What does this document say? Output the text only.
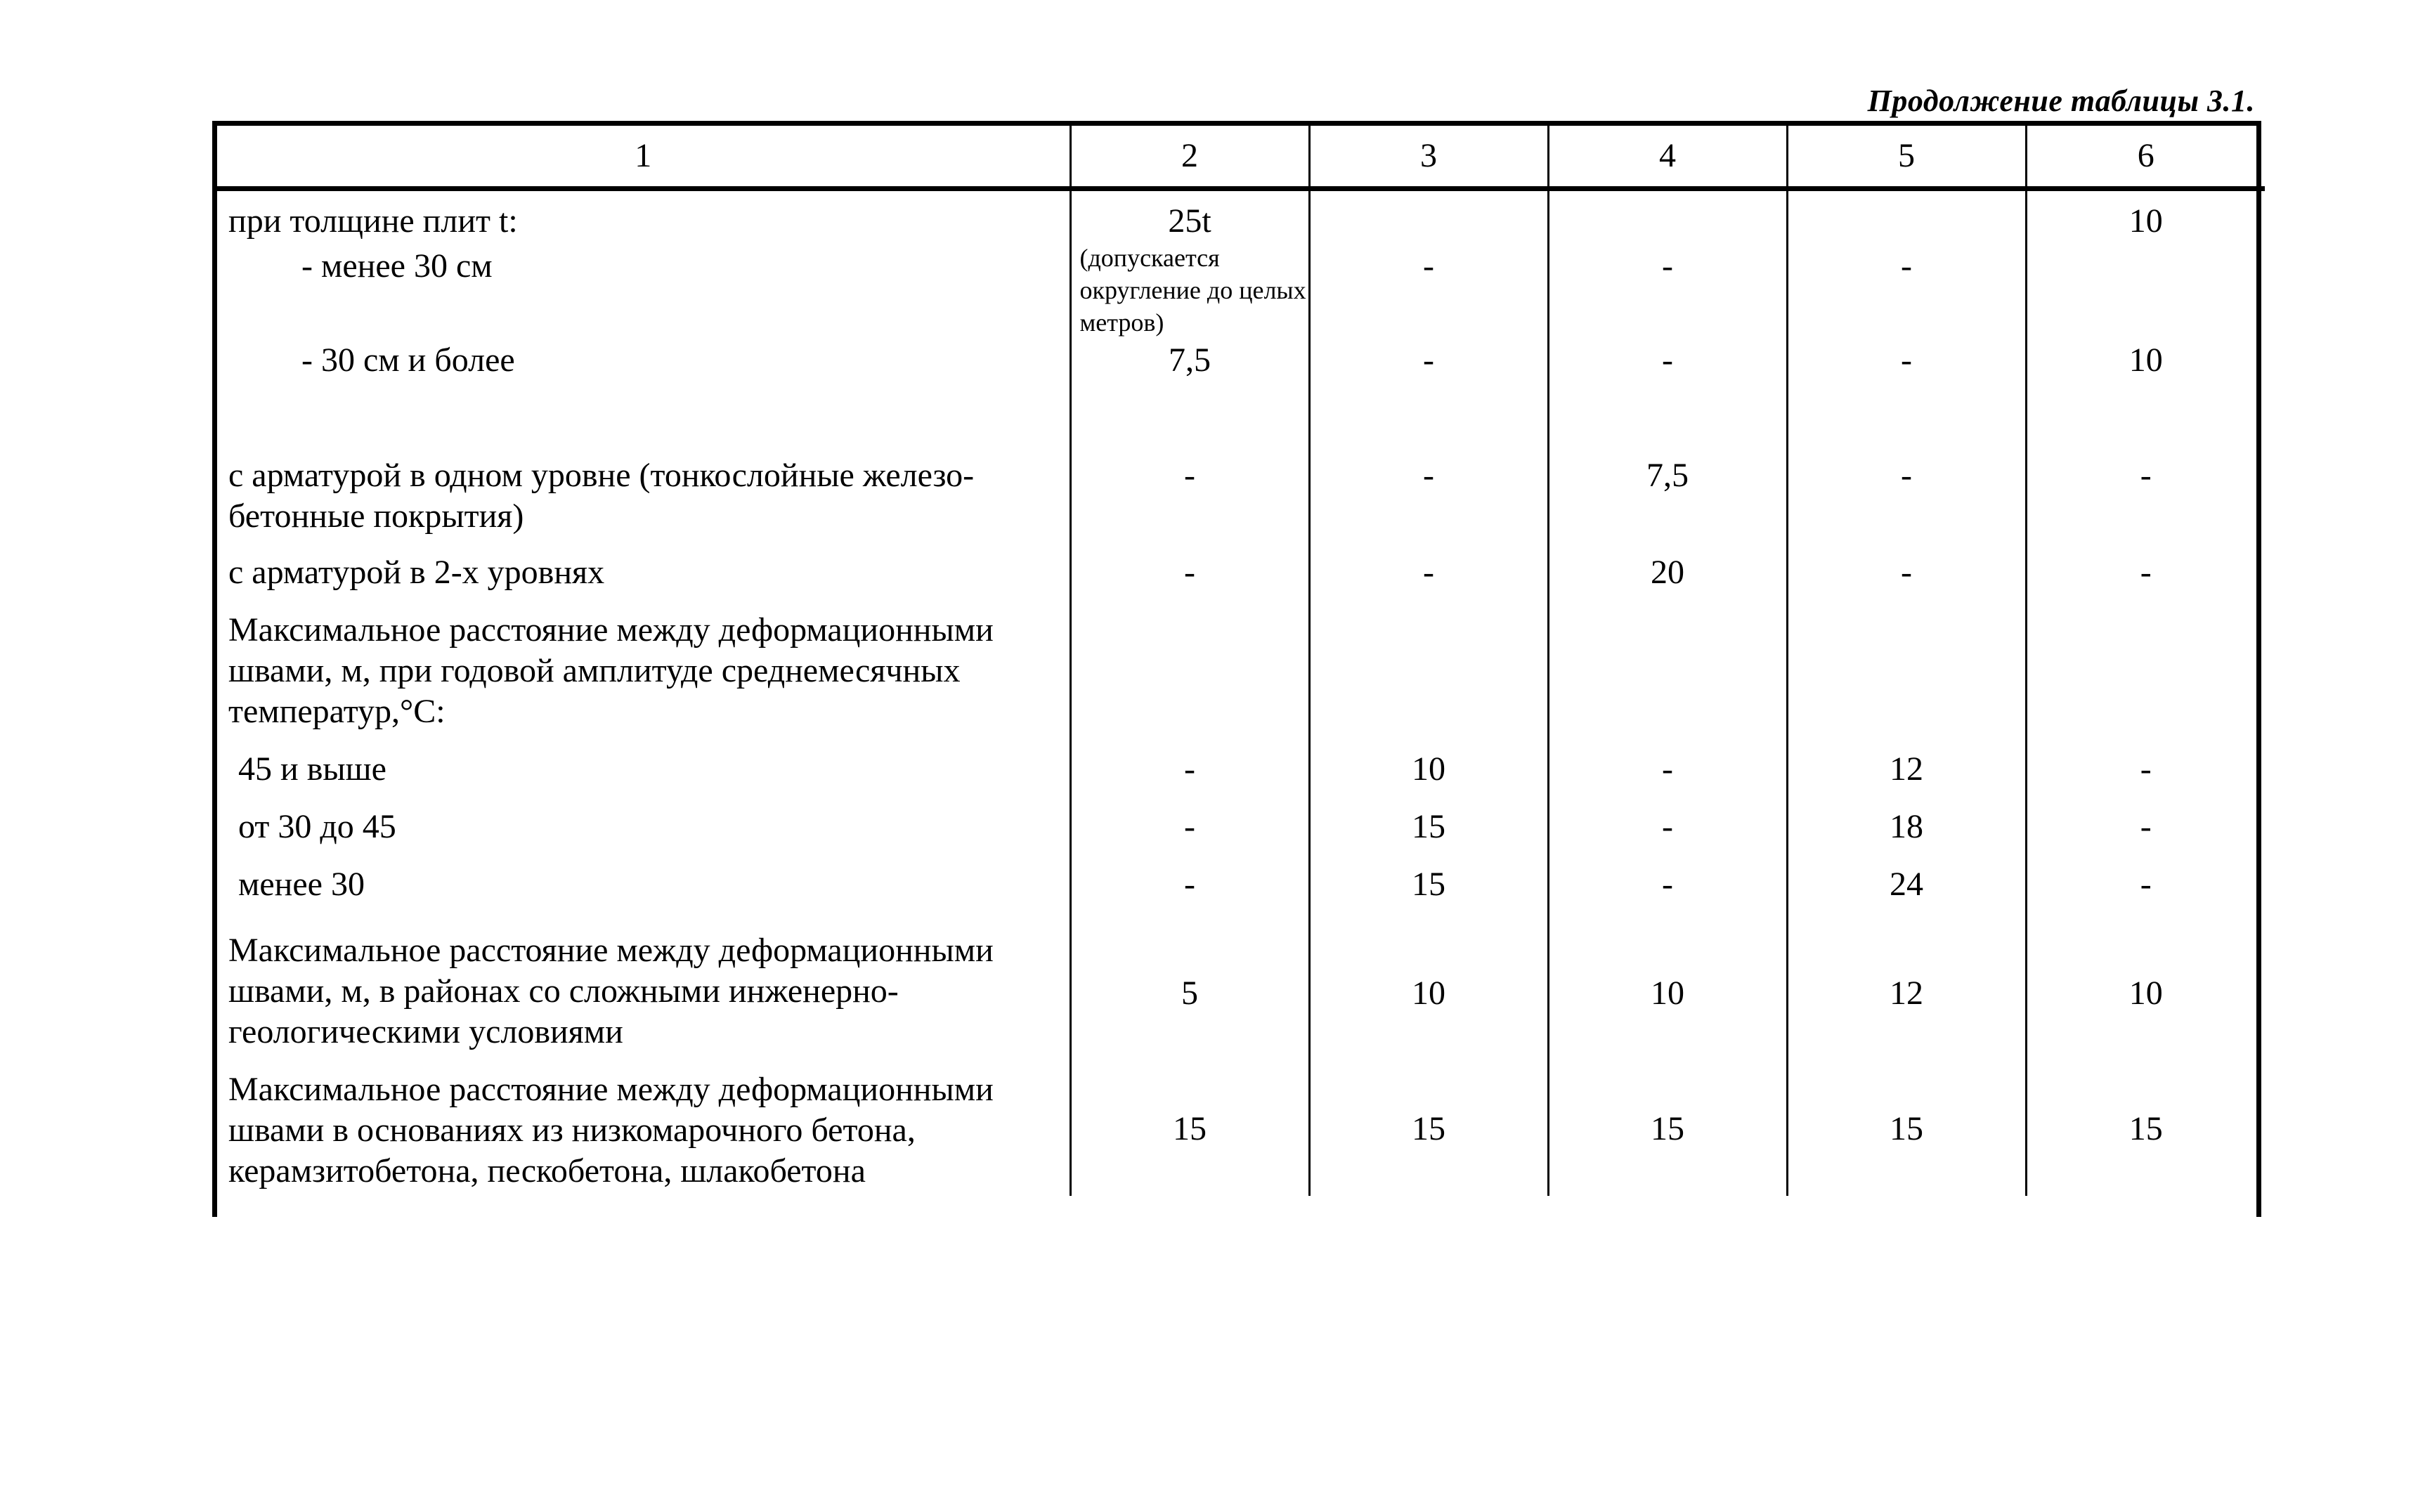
Продолжение таблицы 3.1.
1	2	3	4	5	6
при толщине плит t:	25t				10
- менее 30 см	(допускается округление до целых метров)	-	-	-	
- 30 см и более	7,5	-	-	-	10
с арматурой в одном уровне (тонкослойные железо-бетонные покрытия)	-	-	7,5	-	-
с арматурой в 2-х уровнях	-	-	20	-	-
Максимальное расстояние между деформационными швами, м, при годовой амплитуде среднемесячных температур,°С:					
45 и выше	-	10	-	12	-
от 30 до 45	-	15	-	18	-
менее 30	-	15	-	24	-
Максимальное расстояние между деформационными швами, м, в районах со сложными инженерно-геологическими условиями	5	10	10	12	10
Максимальное расстояние между деформационными швами в основаниях из низкомарочного бетона, керамзитобетона, пескобетона, шлакобетона	15	15	15	15	15
